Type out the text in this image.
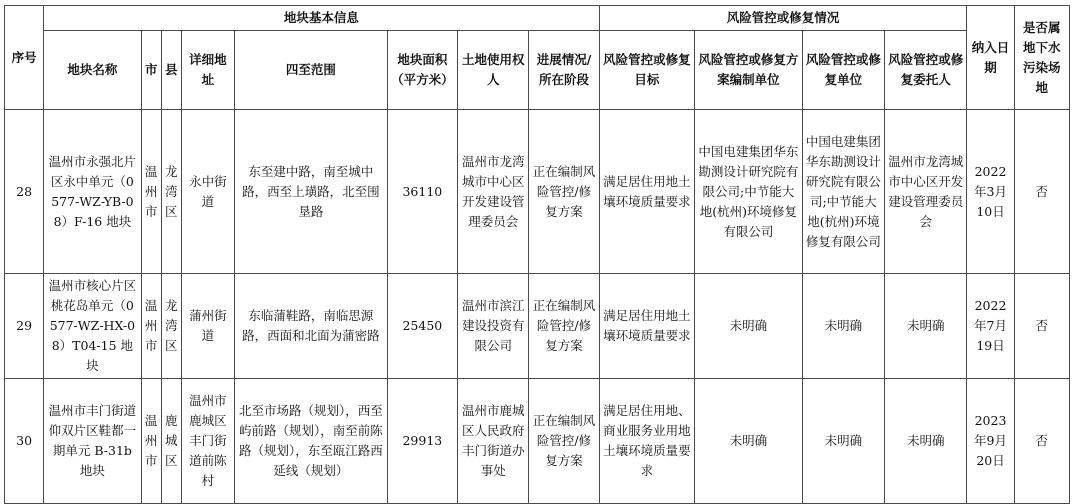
序号	地块基本信息								风险管控或修复情况				纳入日期	是否属地下水污染场地
	地块名称	市	县	详细地址	四至范围	地块面积（平方米）	土地使用权人	进展情况/所在阶段	风险管控或修复目标	风险管控或修复方案编制单位	风险管控或修复单位	风险管控或修复委托人		
28	温州市永强北片区永中单元（0577-WZ-YB-08）F-16 地块	温州市	龙湾区	永中街道	东至建中路，南至城中路，西至上璜路，北至围垦路	36110	温州市龙湾城市中心区开发建设管理委员会	正在编制风险管控/修复方案	满足居住用地土壤环境质量要求	中国电建集团华东勘测设计研究院有限公司;中节能大地(杭州)环境修复有限公司	中国电建集团华东勘测设计研究院有限公司;中节能大地(杭州)环境修复有限公司	温州市龙湾城市中心区开发建设管理委员会	2022年3月10日	否
29	温州市核心片区桃花岛单元（0577-WZ-HX-08）T04-15 地块	温州市	龙湾区	蒲州街道	东临蒲鞋路，南临思源路，西面和北面为蒲密路	25450	温州市滨江建设投资有限公司	正在编制风险管控/修复方案	满足居住用地土壤环境质量要求	未明确	未明确	未明确	2022年7月19日	否
30	温州市丰门街道仰双片区鞋都一期单元 B-31b 地块	温州市	鹿城区	温州市鹿城区丰门街道前陈村	北至市场路（规划），西至屿前路（规划），南至前陈路（规划），东至瓯江路西延线（规划）	29913	温州市鹿城区人民政府丰门街道办事处	正在编制风险管控/修复方案	满足居住用地、商业服务业用地土壤环境质量要求	未明确	未明确	未明确	2023年9月20日	否
